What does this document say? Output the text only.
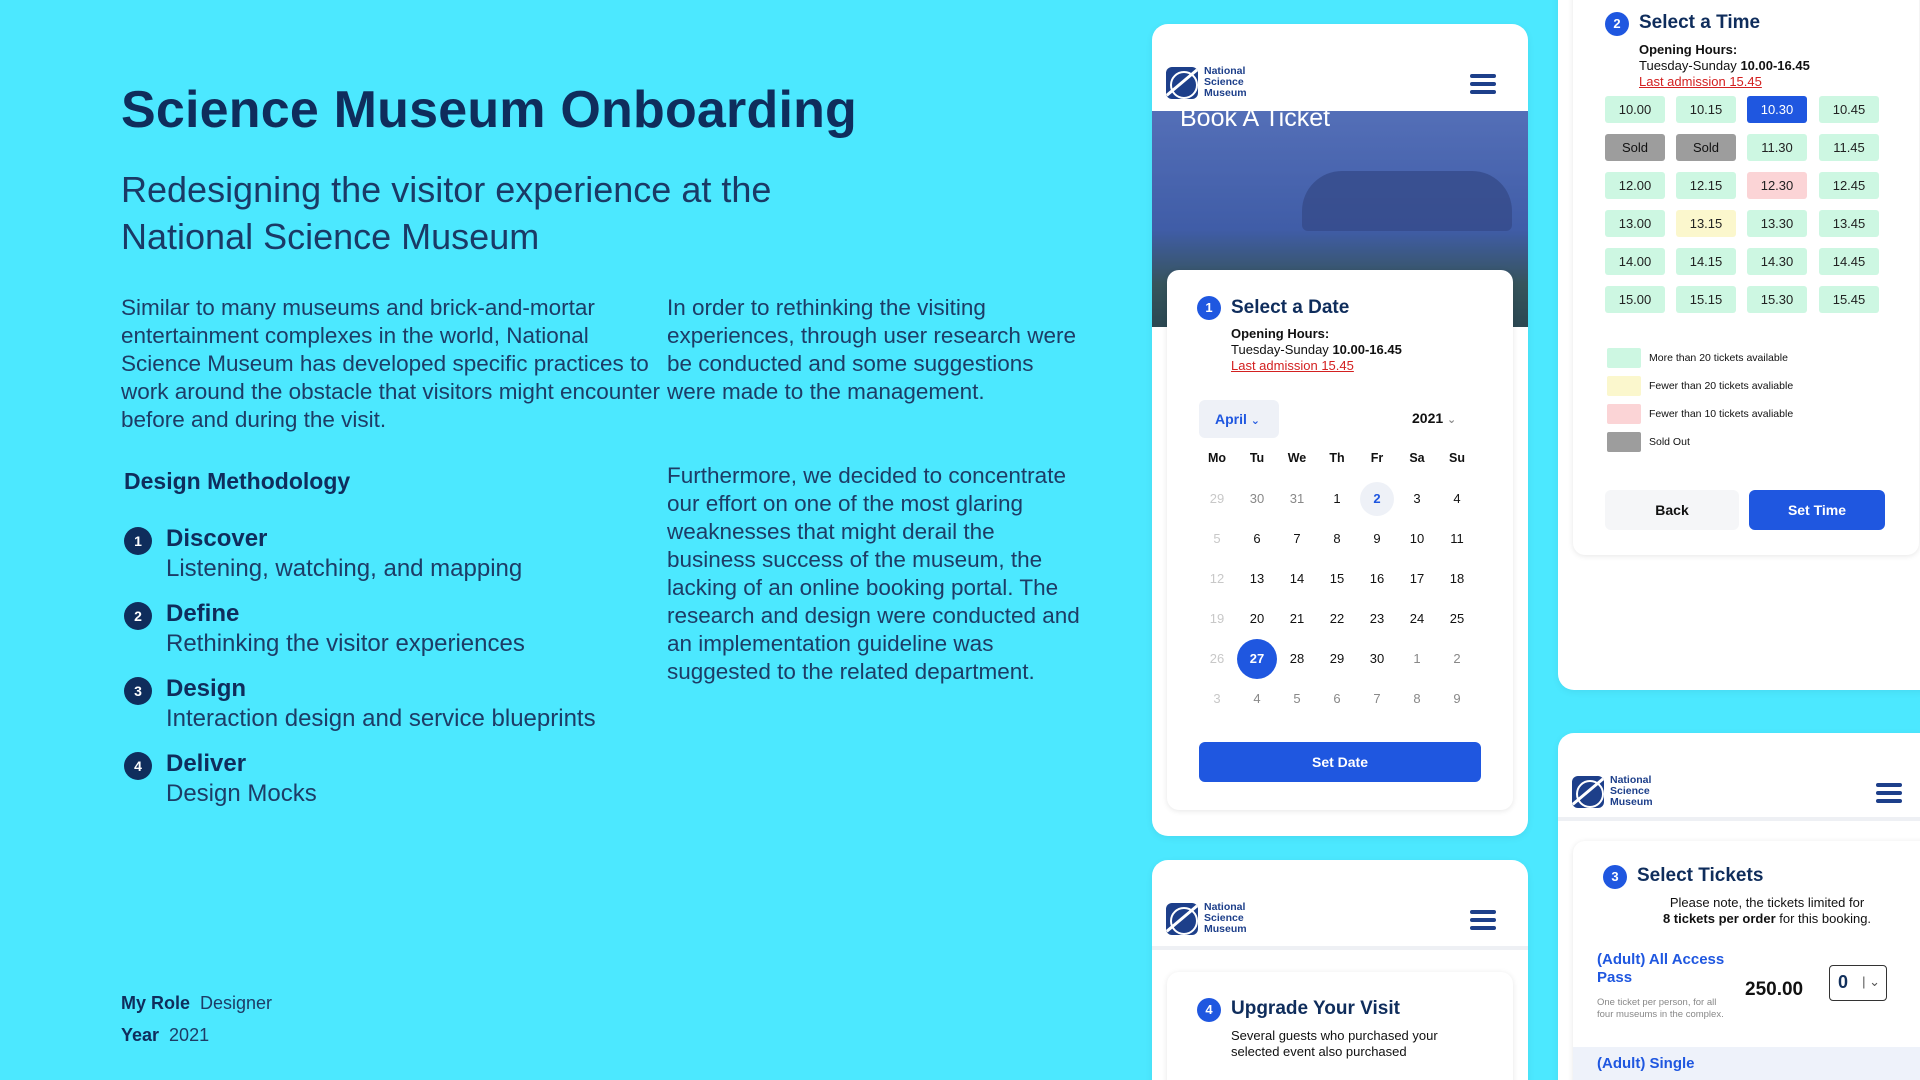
Science Museum Onboarding
Redesigning the visitor experience at the National Science Museum
Similar to many museums and brick-and-mortar entertainment complexes in the world, National Science Museum has developed specific practices to work around the obstacle that visitors might encounter before and during the visit.
In order to rethinking the visiting experiences, through user research were be conducted and some suggestions were made to the management.
Furthermore, we decided to concentrate our effort on one of the most glaring weaknesses that might derail the business success of the museum, the lacking of an online booking portal. The research and design were conducted and an implementation guideline was suggested to the related department.
Design Methodology
1	Discover
Listening, watching, and mapping
2	Define
Rethinking the visitor experiences
3	Design
Interaction design and service blueprints
4	Deliver
Design Mocks
My Role Designer
Year 2021
National
Science
Museum
Book A Ticket
1 Select a Date
Opening Hours:
Tuesday-Sunday 10.00-16.45
Last admission 15.45
April ⌄	2021 ⌄
Mo	Tu	We	Th	Fr	Sa	Su
29	30	31	1	2	3	4
5	6	7	8	9	10	11
12	13	14	15	16	17	18
19	20	21	22	23	24	25
26	27	28	29	30	1	2
3	4	5	6	7	8	9
Set Date
National
Science
Museum
4 Upgrade Your Visit
Several guests who purchased your selected event also purchased
2 Select a Time
Opening Hours:
Tuesday-Sunday 10.00-16.45
Last admission 15.45
10.00	10.15	10.30	10.45
Sold	Sold	11.30	11.45
12.00	12.15	12.30	12.45
13.00	13.15	13.30	13.45
14.00	14.15	14.30	14.45
15.00	15.15	15.30	15.45
More than 20 tickets available
Fewer than 20 tickets avaliable
Fewer than 10 tickets avaliable
Sold Out
Back	Set Time
National
Science
Museum
3 Select Tickets
Please note, the tickets limited for
8 tickets per order for this booking.
(Adult) All Access Pass
One ticket per person, for all four museums in the complex.
250.00	0 | ⌄
(Adult) Single
